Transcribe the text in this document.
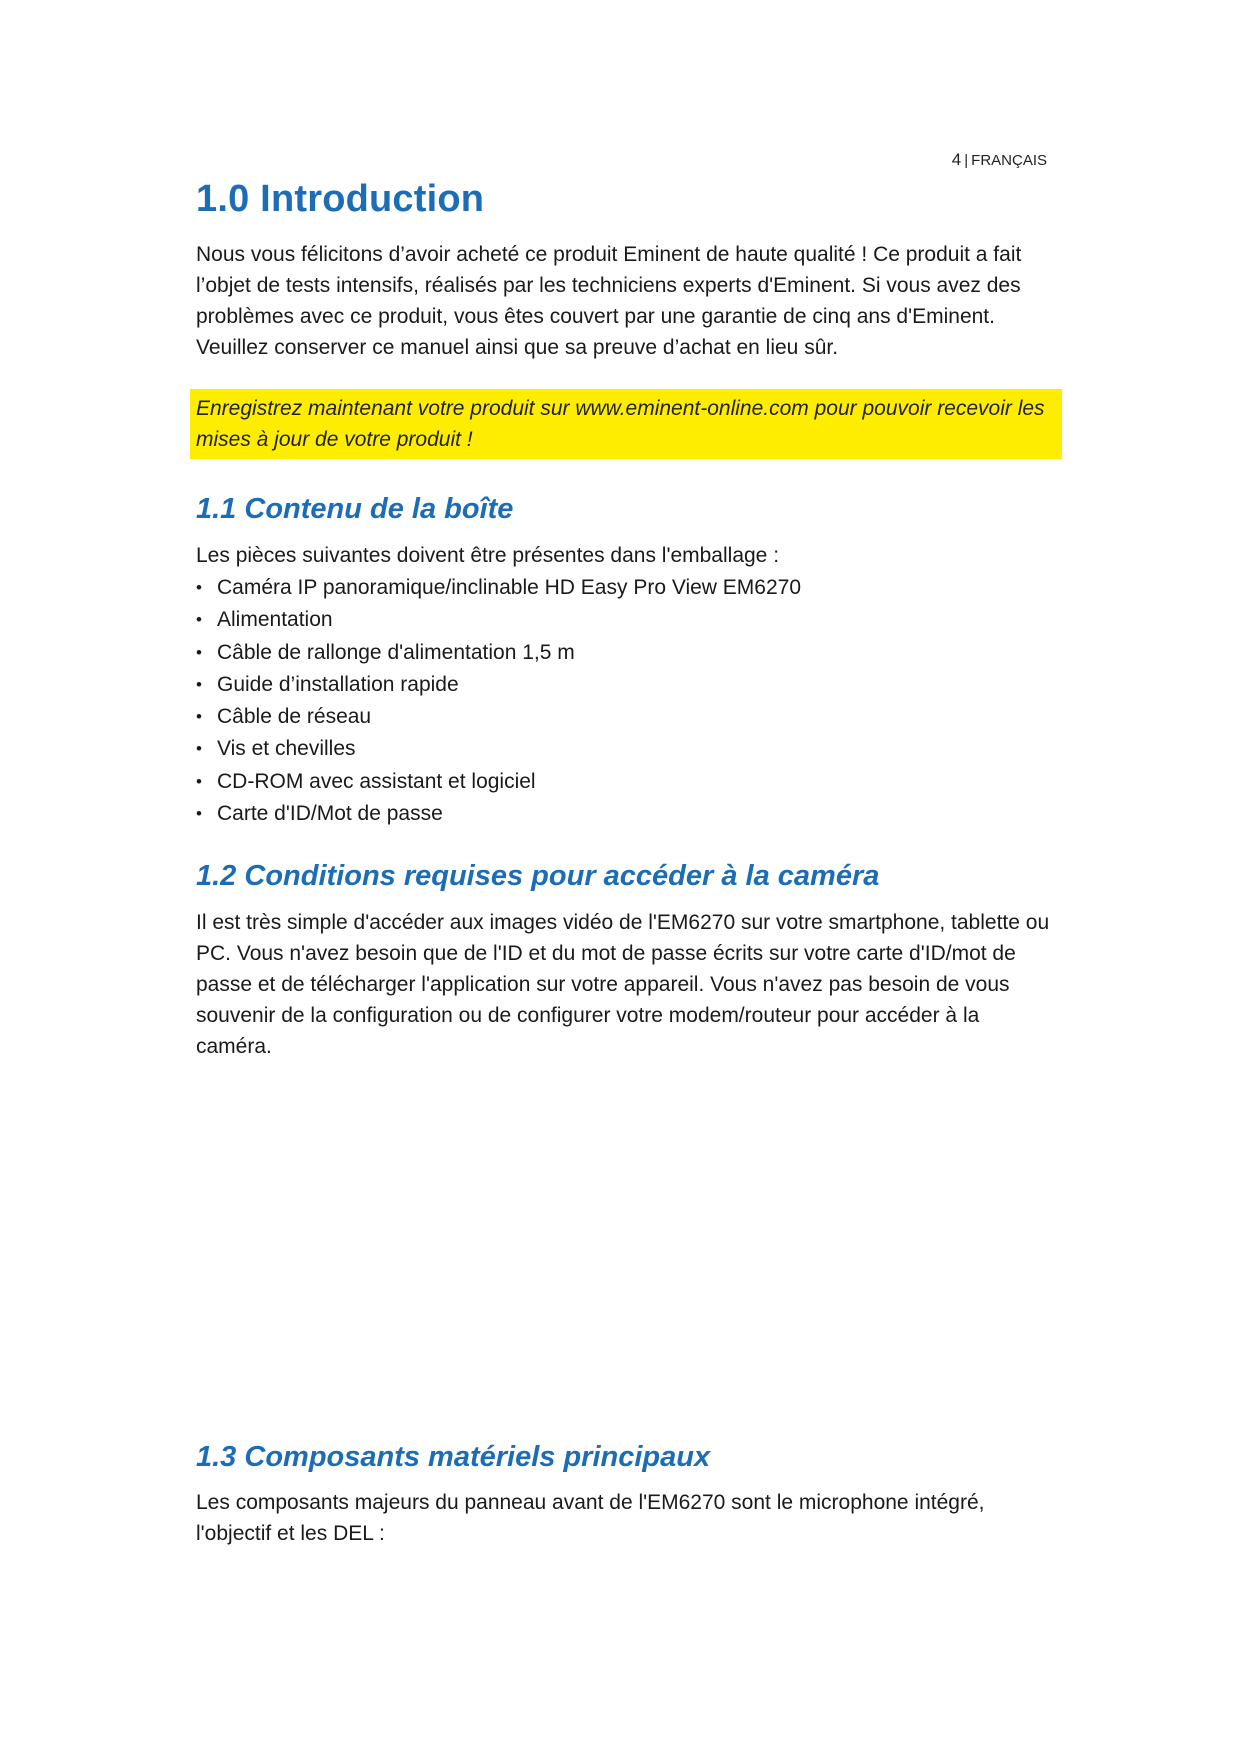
4 | FRANÇAIS
1.0 Introduction

Nous vous félicitons d’avoir acheté ce produit Eminent de haute qualité ! Ce produit a fait l’objet de tests intensifs, réalisés par les techniciens experts d'Eminent. Si vous avez des problèmes avec ce produit, vous êtes couvert par une garantie de cinq ans d'Eminent. Veuillez conserver ce manuel ainsi que sa preuve d’achat en lieu sûr.

Enregistrez maintenant votre produit sur www.eminent-online.com pour pouvoir recevoir les mises à jour de votre produit !
1.1 Contenu de la boîte

Les pièces suivantes doivent être présentes dans l'emballage :

• Caméra IP panoramique/inclinable HD Easy Pro View EM6270
• Alimentation
• Câble de rallonge d'alimentation 1,5 m
• Guide d’installation rapide
• Câble de réseau
• Vis et chevilles
• CD-ROM avec assistant et logiciel
• Carte d'ID/Mot de passe
1.2 Conditions requises pour accéder à la caméra

Il est très simple d'accéder aux images vidéo de l'EM6270 sur votre smartphone, tablette ou PC. Vous n'avez besoin que de l'ID et du mot de passe écrits sur votre carte d'ID/mot de passe et de télécharger l'application sur votre appareil. Vous n'avez pas besoin de vous souvenir de la configuration ou de configurer votre modem/routeur pour accéder à la caméra.

1.3 Composants matériels principaux

Les composants majeurs du panneau avant de l'EM6270 sont le microphone intégré, l'objectif et les DEL :
